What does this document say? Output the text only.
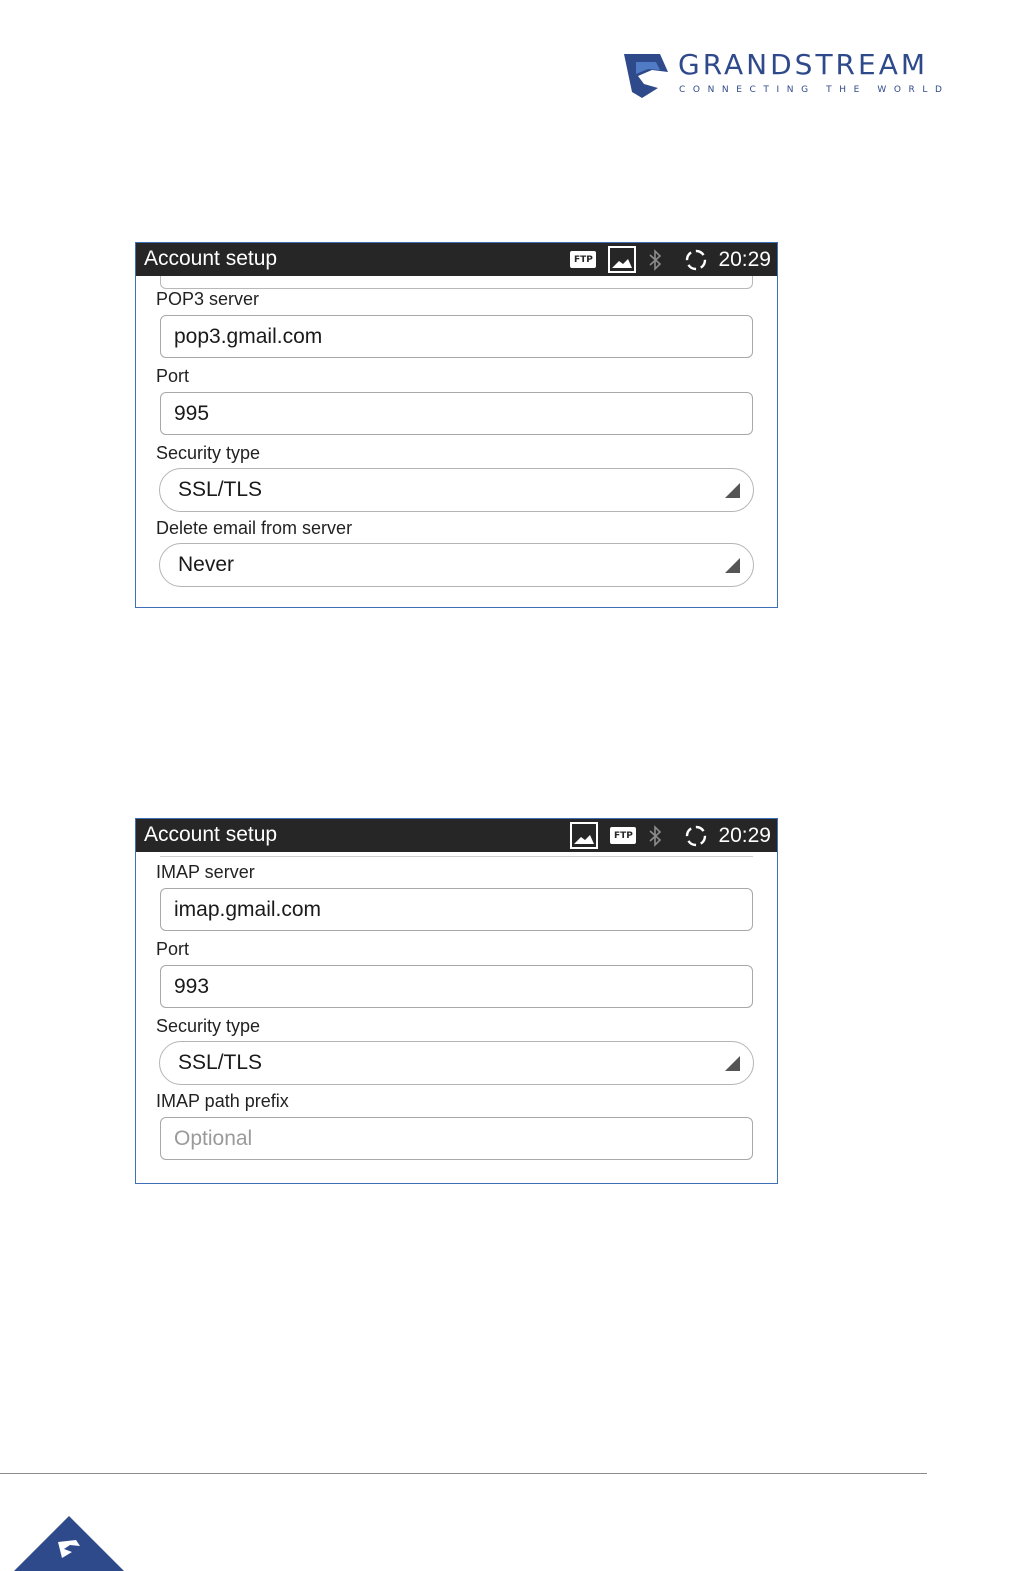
GRANDSTREAM
CONNECTING THE WORLD
Account setup	FTP	20:29
POP3 server
pop3.gmail.com
Port
995
Security type
SSL/TLS
Delete email from server
Never
Account setup	FTP	20:29
IMAP server
imap.gmail.com
Port
993
Security type
SSL/TLS
IMAP path prefix
Optional
